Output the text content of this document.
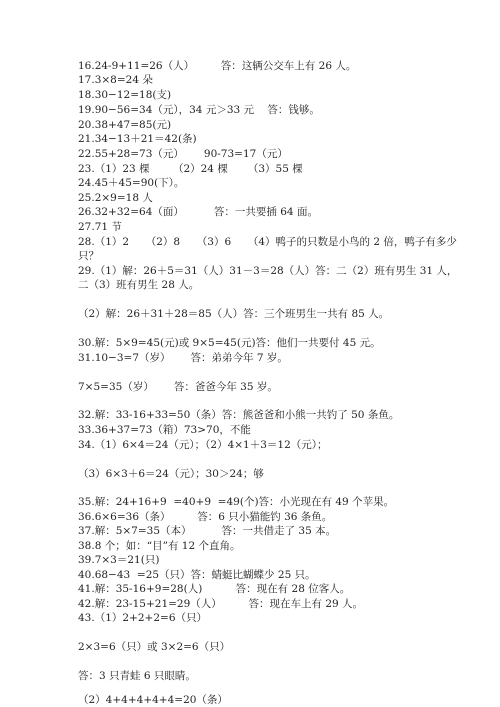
16.24-9+11=26（人）        答：这辆公交车上有 26 人。
17.3×8=24 朵
18.30−12=18(支)
19.90−56=34（元），34 元＞33 元    答：钱够。
20.38+47=85(元)
21.34−13＋21＝42(条)
22.55+28=73（元）      90-73=17（元）
23.（1）23 棵       （2）24 棵      （3）55 棵
24.45＋45=90(下）。
25.2×9=18 人
26.32+32=64（面）         答：一共要插 64 面。
27.71 节
28.（1）2     （2）8     （3）6     （4）鸭子的只数是小鸟的 2 倍，鸭子有多少
只？
29.（1）解：26＋5＝31（人）31－3＝28（人）答：二（2）班有男生 31 人，
二（3）班有男生 28 人。
（2）解：26＋31＋28＝85（人）答：三个班男生一共有 85 人。
30.解：5×9=45(元)或 9×5=45(元)答：他们一共要付 45 元。
31.10−3=7（岁）      答：弟弟今年 7 岁。
7×5=35（岁）      答：爸爸今年 35 岁。
32.解：33-16+33=50（条）答：熊爸爸和小熊一共钓了 50 条鱼。
33.36+37=73（箱）73>70，不能
34.（1）6×4＝24（元）；（2）4×1＋3＝12（元）；
（3）6×3＋6＝24（元）；30＞24；够
35.解：24+16+9  =40+9  =49(个)答：小光现在有 49 个苹果。
36.6×6=36（条）        答：6 只小猫能钓 36 条鱼。
37.解：5×7=35（本）         答：一共借走了 35 本。
38.8 个；如：“目”有 12 个直角。
39.7×3＝21(只)
40.68−43  =25（只）答：蜻蜓比蝴蝶少 25 只。
41.解：35-16+9=28(人)          答：现在有 28 位客人。
42.解：23-15+21=29（人）        答：现在车上有 29 人。
43.（1）2+2+2=6（只）
2×3=6（只）或 3×2=6（只）
答：3 只青蛙 6 只眼睛。
（2）4+4+4+4+4=20（条）
